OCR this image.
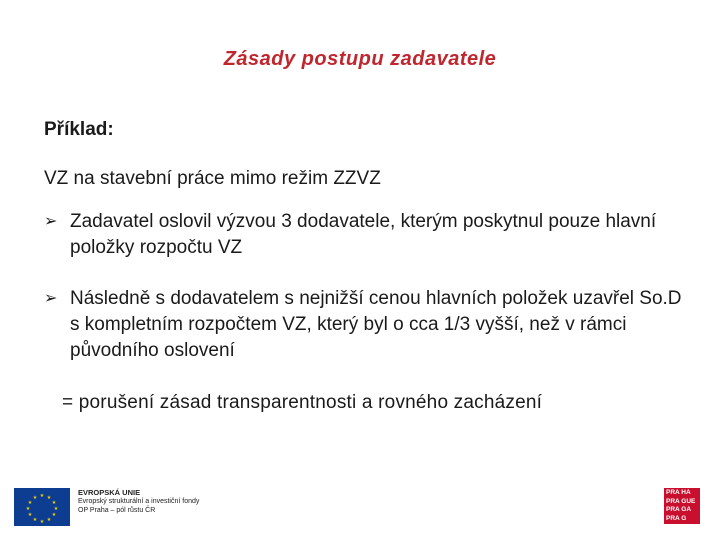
Zásady postupu zadavatele
Příklad:
VZ na stavební práce mimo režim ZZVZ
➢ Zadavatel oslovil výzvou 3 dodavatele, kterým poskytnul pouze hlavní položky rozpočtu VZ
➢ Následně s dodavatelem s nejnižší cenou hlavních položek uzavřel So.D s kompletním rozpočtem VZ, který byl o cca 1/3 vyšší, než v rámci původního oslovení
= porušení zásad transparentnosti a rovného zacházení
★ ★
★
★
★
★
★
★
★
★
★
★
EVROPSKÁ UNIE
Evropský strukturální a investiční fondy
OP Praha – pól růstu ČR
PRA HA
PRA GUE
PRA GA
PRA G
